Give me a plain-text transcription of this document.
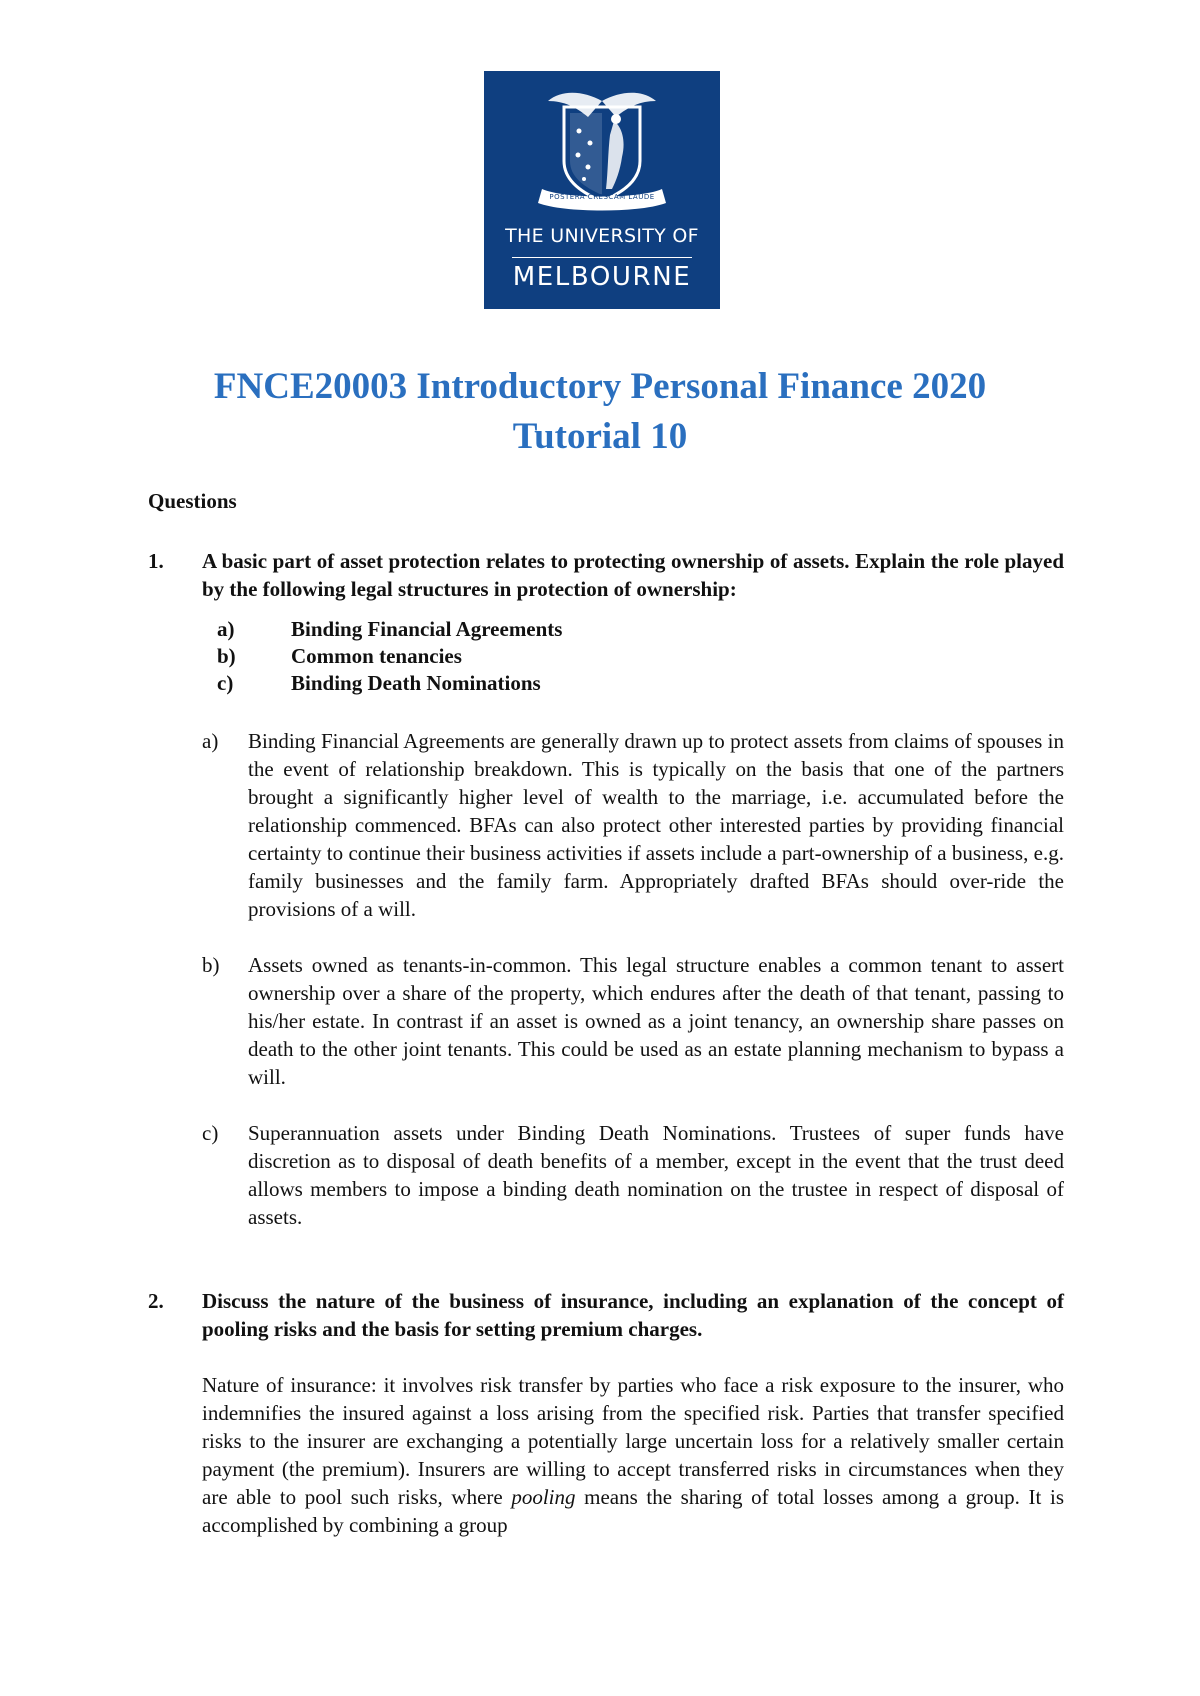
POSTERA CRESCAM LAUDE
THE UNIVERSITY OF
MELBOURNE
FNCE20003 Introductory Personal Finance 2020
Tutorial 10
Questions
1. A basic part of asset protection relates to protecting ownership of assets. Explain the role played by the following legal structures in protection of ownership:
a)	Binding Financial Agreements
b)	Common tenancies
c)	Binding Death Nominations
a) Binding Financial Agreements are generally drawn up to protect assets from claims of spouses in the event of relationship breakdown. This is typically on the basis that one of the partners brought a significantly higher level of wealth to the marriage, i.e. accumulated before the relationship commenced. BFAs can also protect other interested parties by providing financial certainty to continue their business activities if assets include a part-ownership of a business, e.g. family businesses and the family farm. Appropriately drafted BFAs should over-ride the provisions of a will.
b) Assets owned as tenants-in-common. This legal structure enables a common tenant to assert ownership over a share of the property, which endures after the death of that tenant, passing to his/her estate. In contrast if an asset is owned as a joint tenancy, an ownership share passes on death to the other joint tenants. This could be used as an estate planning mechanism to bypass a will.
c) Superannuation assets under Binding Death Nominations. Trustees of super funds have discretion as to disposal of death benefits of a member, except in the event that the trust deed allows members to impose a binding death nomination on the trustee in respect of disposal of assets.
2. Discuss the nature of the business of insurance, including an explanation of the concept of pooling risks and the basis for setting premium charges.
Nature of insurance: it involves risk transfer by parties who face a risk exposure to the insurer, who indemnifies the insured against a loss arising from the specified risk. Parties that transfer specified risks to the insurer are exchanging a potentially large uncertain loss for a relatively smaller certain payment (the premium). Insurers are willing to accept transferred risks in circumstances when they are able to pool such risks, where pooling means the sharing of total losses among a group. It is accomplished by combining a group
